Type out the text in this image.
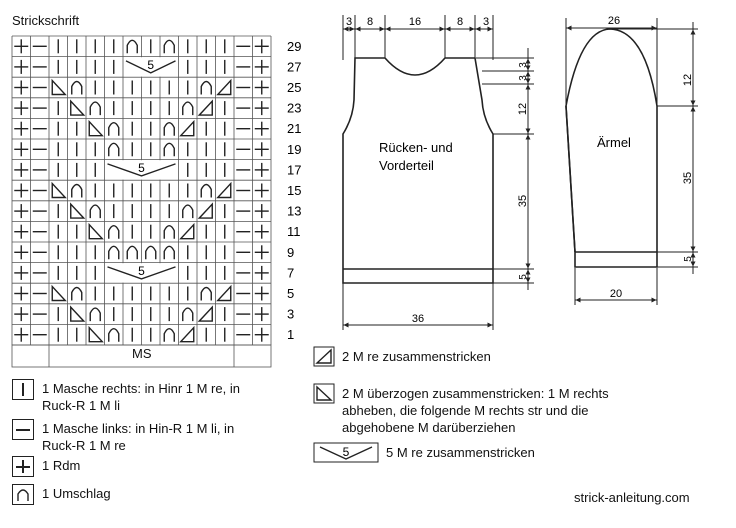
Strickschrift
5
5
5
29
27
25
23
21
19
17
15
13
11
9
7
5
3
1
3 8	16	8 3
3
3
12
35
5
36
Rücken- und
Vorderteil
26
12
35
5
20
Ärmel
5
MS
1 Masche rechts: in Hinr 1 M re, in
Ruck-R 1 M li
1 Masche links: in Hin-R 1 M li, in
Ruck-R 1 M re
1 Rdm
1 Umschlag
2 M re zusammenstricken
2 M überzogen zusammenstricken: 1 M rechts
abheben, die folgende M rechts str und die
abgehobene M darüberziehen
5 M re zusammenstricken
strick-anleitung.com
